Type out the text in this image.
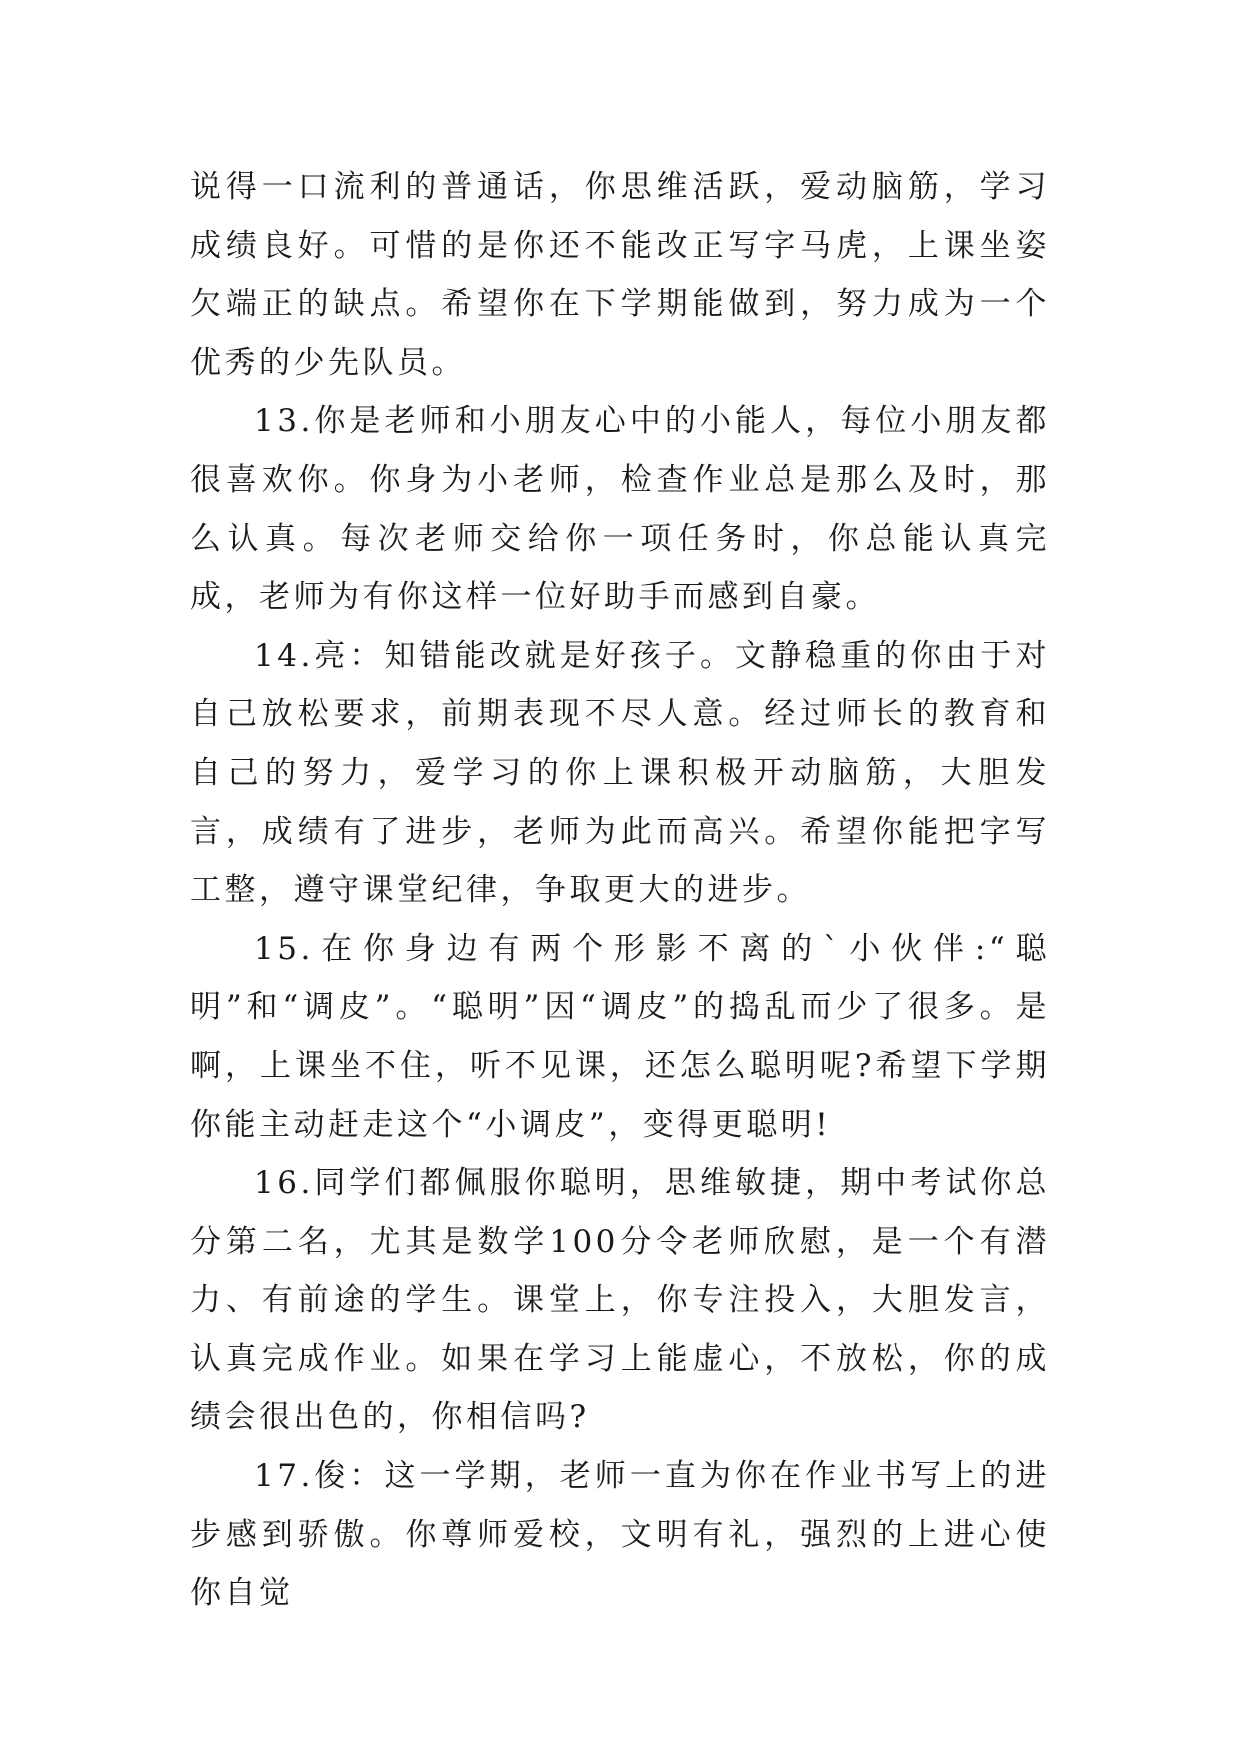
说得一口流利的普通话，你思维活跃，爱动脑筋，学习成绩良好。可惜的是你还不能改正写字马虎，上课坐姿欠端正的缺点。希望你在下学期能做到，努力成为一个优秀的少先队员。

13.你是老师和小朋友心中的小能人，每位小朋友都很喜欢你。你身为小老师，检查作业总是那么及时，那么认真。每次老师交给你一项任务时，你总能认真完成，老师为有你这样一位好助手而感到自豪。

14.亮：知错能改就是好孩子。文静稳重的你由于对自己放松要求，前期表现不尽人意。经过师长的教育和自己的努力，爱学习的你上课积极开动脑筋，大胆发言，成绩有了进步，老师为此而高兴。希望你能把字写工整，遵守课堂纪律，争取更大的进步。

15.在你身边有两个形影不离的`小伙伴:“聪明”和“调皮”。“聪明”因“调皮”的捣乱而少了很多。是啊，上课坐不住，听不见课，还怎么聪明呢?希望下学期你能主动赶走这个“小调皮”，变得更聪明!

16.同学们都佩服你聪明，思维敏捷，期中考试你总分第二名，尤其是数学100分令老师欣慰，是一个有潜力、有前途的学生。课堂上，你专注投入，大胆发言，认真完成作业。如果在学习上能虚心，不放松，你的成绩会很出色的，你相信吗?

17.俊：这一学期，老师一直为你在作业书写上的进步感到骄傲。你尊师爱校，文明有礼，强烈的上进心使你自觉
